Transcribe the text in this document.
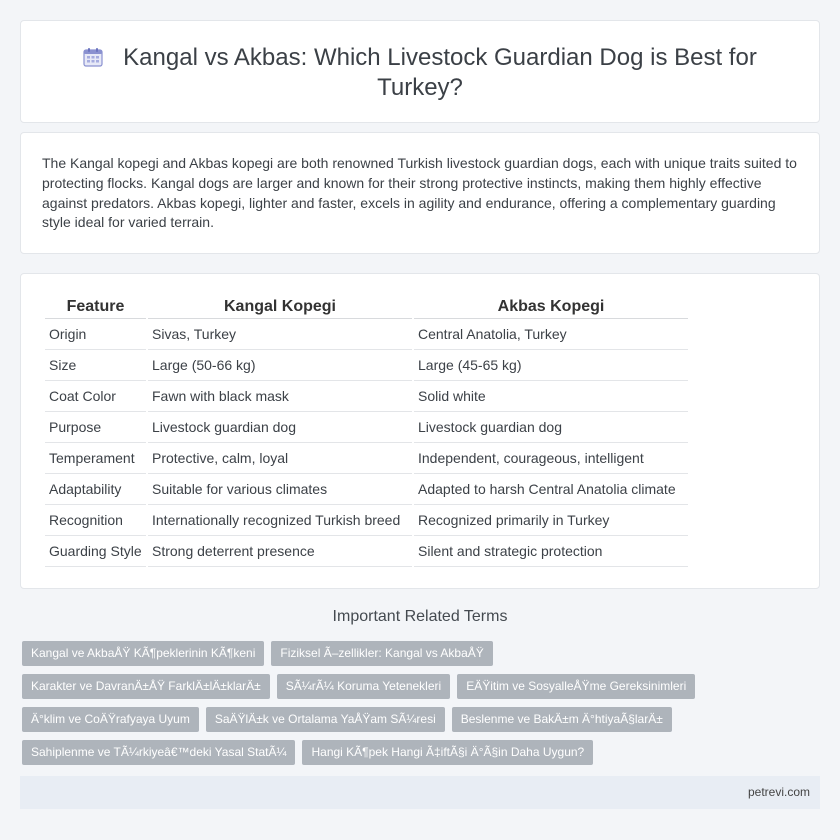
Kangal vs Akbas: Which Livestock Guardian Dog is Best for Turkey?

The Kangal kopegi and Akbas kopegi are both renowned Turkish livestock guardian dogs, each with unique traits suited to protecting flocks. Kangal dogs are larger and known for their strong protective instincts, making them highly effective against predators. Akbas kopegi, lighter and faster, excels in agility and endurance, offering a complementary guarding style ideal for varied terrain.

Feature	Kangal Kopegi	Akbas Kopegi
Origin	Sivas, Turkey	Central Anatolia, Turkey
Size	Large (50-66 kg)	Large (45-65 kg)
Coat Color	Fawn with black mask	Solid white
Purpose	Livestock guardian dog	Livestock guardian dog
Temperament	Protective, calm, loyal	Independent, courageous, intelligent
Adaptability	Suitable for various climates	Adapted to harsh Central Anatolia climate
Recognition	Internationally recognized Turkish breed	Recognized primarily in Turkey
Guarding Style	Strong deterrent presence	Silent and strategic protection
Important Related Terms
Kangal ve AkbaÅŸ KÃ¶peklerinin KÃ¶keni	Fiziksel Ã–zellikler: Kangal vs AkbaÅŸ
Karakter ve DavranÄ±ÅŸ FarklÄ±lÄ±klarÄ±	SÃ¼rÃ¼ Koruma Yetenekleri	EÄŸitim ve SosyalleÅŸme Gereksinimleri
Ä°klim ve CoÄŸrafyaya Uyum	SaÄŸlÄ±k ve Ortalama YaÅŸam SÃ¼resi	Beslenme ve BakÄ±m Ä°htiyaÃ§larÄ±
Sahiplenme ve TÃ¼rkiyeâ€™deki Yasal StatÃ¼	Hangi KÃ¶pek Hangi Ã‡iftÃ§i Ä°Ã§in Daha Uygun?
petrevi.com
